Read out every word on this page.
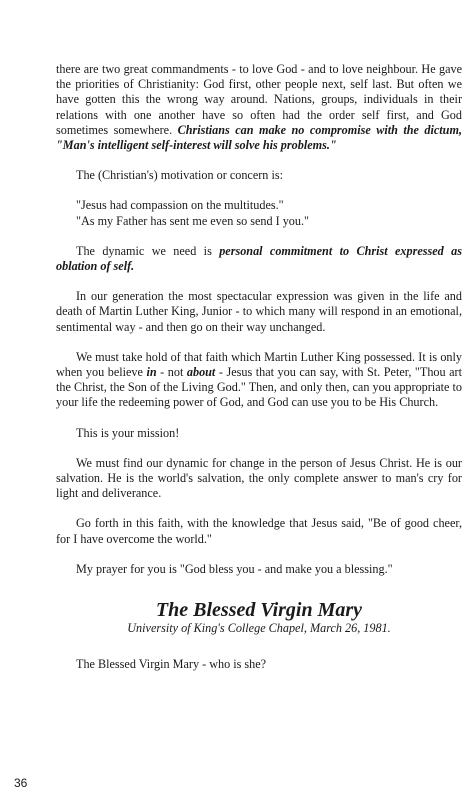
there are two great commandments - to love God - and to love neighbour. He gave the priorities of Christianity: God first, other people next, self last. But often we have gotten this the wrong way around. Nations, groups, individuals in their relations with one another have so often had the order self first, and God sometimes somewhere. Christians can make no compromise with the dictum, "Man's intelligent self-interest will solve his problems."

The (Christian's) motivation or concern is:

"Jesus had compassion on the multitudes."

"As my Father has sent me even so send I you."

The dynamic we need is personal commitment to Christ expressed as oblation of self.

In our generation the most spectacular expression was given in the life and death of Martin Luther King, Junior - to which many will respond in an emotional, sentimental way - and then go on their way unchanged.

We must take hold of that faith which Martin Luther King possessed. It is only when you believe in - not about - Jesus that you can say, with St. Peter, "Thou art the Christ, the Son of the Living God." Then, and only then, can you appropriate to your life the redeeming power of God, and God can use you to be His Church.

This is your mission!

We must find our dynamic for change in the person of Jesus Christ. He is our salvation. He is the world's salvation, the only complete answer to man's cry for light and deliverance.

Go forth in this faith, with the knowledge that Jesus said, "Be of good cheer, for I have overcome the world."

My prayer for you is "God bless you - and make you a blessing."

The Blessed Virgin Mary
University of King's College Chapel, March 26, 1981.

The Blessed Virgin Mary - who is she?

36
